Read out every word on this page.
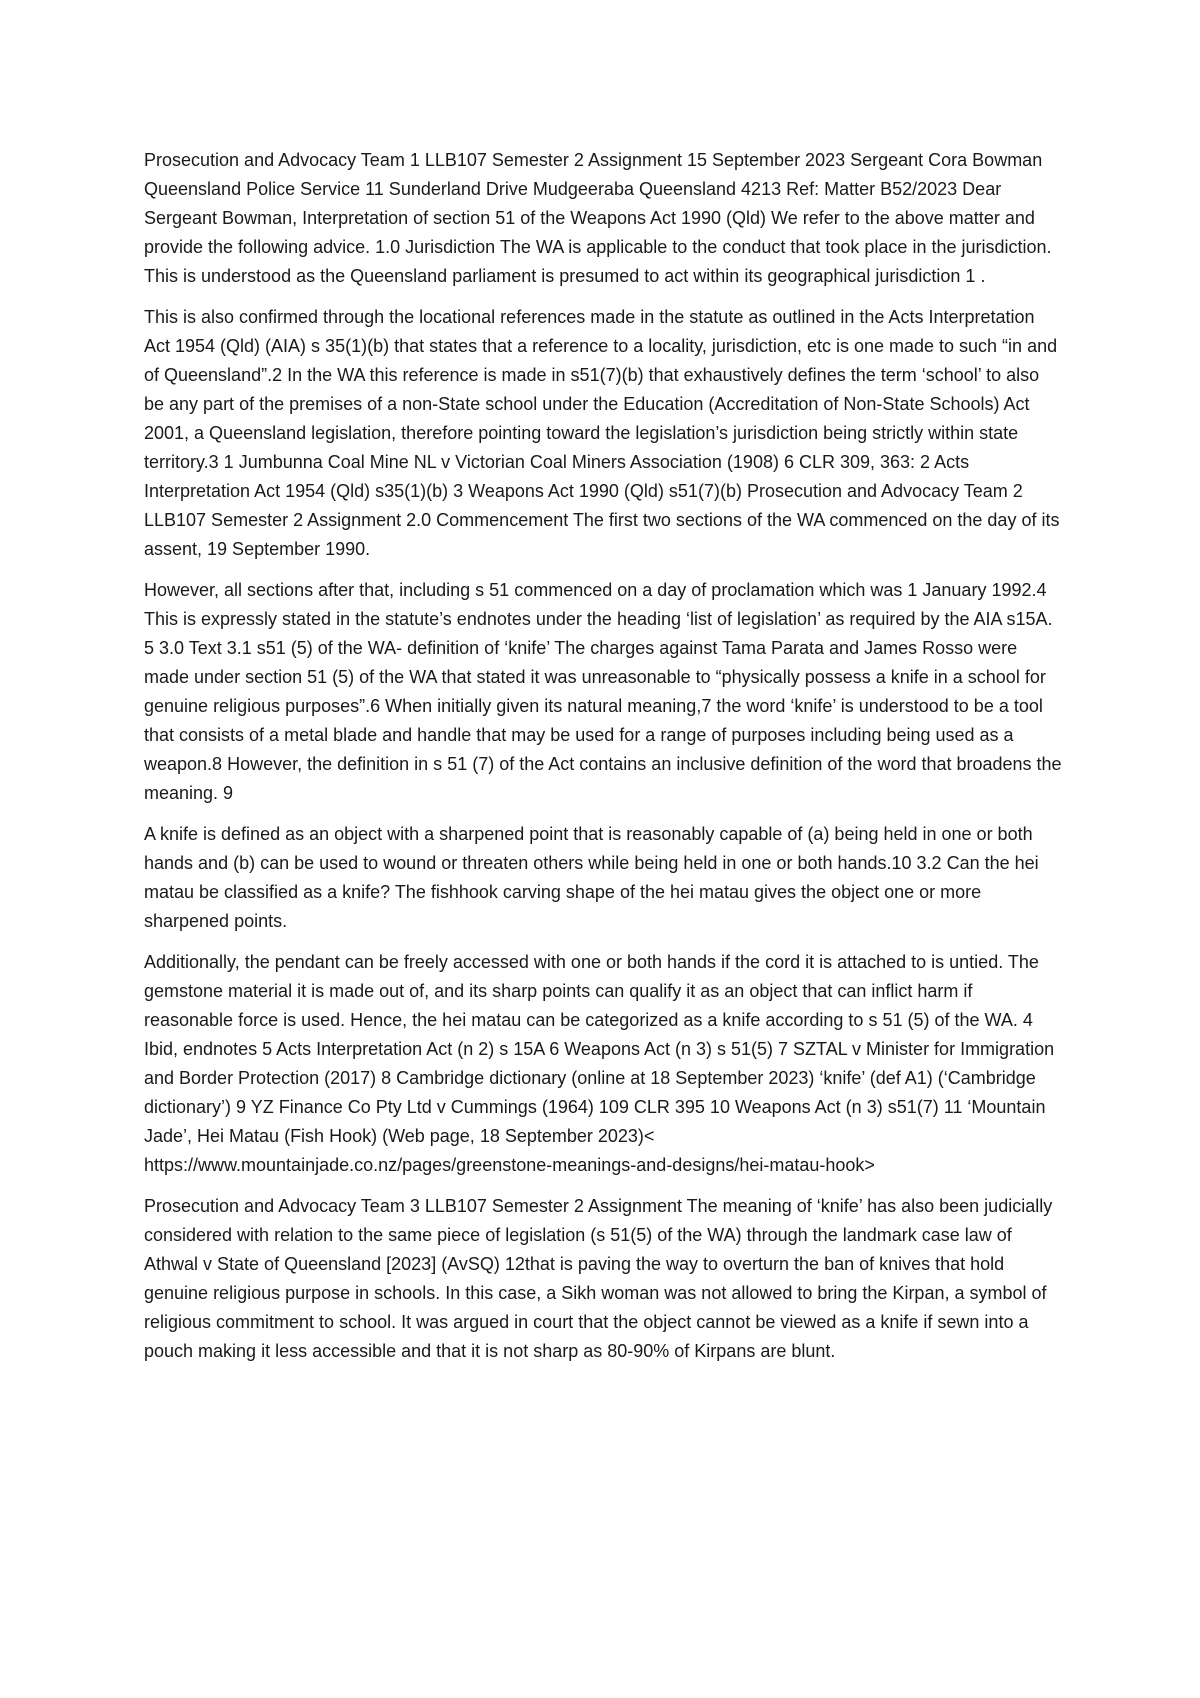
Prosecution and Advocacy Team 1 LLB107 Semester 2 Assignment 15 September 2023 Sergeant Cora Bowman Queensland Police Service 11 Sunderland Drive Mudgeeraba Queensland 4213 Ref: Matter B52/2023 Dear Sergeant Bowman, Interpretation of section 51 of the Weapons Act 1990 (Qld) We refer to the above matter and provide the following advice. 1.0 Jurisdiction The WA is applicable to the conduct that took place in the jurisdiction. This is understood as the Queensland parliament is presumed to act within its geographical jurisdiction 1 .

This is also confirmed through the locational references made in the statute as outlined in the Acts Interpretation Act 1954 (Qld) (AIA) s 35(1)(b) that states that a reference to a locality, jurisdiction, etc is one made to such “in and of Queensland”.2 In the WA this reference is made in s51(7)(b) that exhaustively defines the term ‘school’ to also be any part of the premises of a non-State school under the Education (Accreditation of Non-State Schools) Act 2001, a Queensland legislation, therefore pointing toward the legislation’s jurisdiction being strictly within state territory.3 1 Jumbunna Coal Mine NL v Victorian Coal Miners Association (1908) 6 CLR 309, 363: 2 Acts Interpretation Act 1954 (Qld) s35(1)(b) 3 Weapons Act 1990 (Qld) s51(7)(b) Prosecution and Advocacy Team 2 LLB107 Semester 2 Assignment 2.0 Commencement The first two sections of the WA commenced on the day of its assent, 19 September 1990.

However, all sections after that, including s 51 commenced on a day of proclamation which was 1 January 1992.4 This is expressly stated in the statute’s endnotes under the heading ‘list of legislation’ as required by the AIA s15A. 5 3.0 Text 3.1 s51 (5) of the WA- definition of ‘knife’ The charges against Tama Parata and James Rosso were made under section 51 (5) of the WA that stated it was unreasonable to “physically possess a knife in a school for genuine religious purposes”.6 When initially given its natural meaning,7 the word ‘knife’ is understood to be a tool that consists of a metal blade and handle that may be used for a range of purposes including being used as a weapon.8 However, the definition in s 51 (7) of the Act contains an inclusive definition of the word that broadens the meaning. 9

A knife is defined as an object with a sharpened point that is reasonably capable of (a) being held in one or both hands and (b) can be used to wound or threaten others while being held in one or both hands.10 3.2 Can the hei matau be classified as a knife? The fishhook carving shape of the hei matau gives the object one or more sharpened points.

Additionally, the pendant can be freely accessed with one or both hands if the cord it is attached to is untied. The gemstone material it is made out of, and its sharp points can qualify it as an object that can inflict harm if reasonable force is used. Hence, the hei matau can be categorized as a knife according to s 51 (5) of the WA. 4 Ibid, endnotes 5 Acts Interpretation Act (n 2) s 15A 6 Weapons Act (n 3) s 51(5) 7 SZTAL v Minister for Immigration and Border Protection (2017) 8 Cambridge dictionary (online at 18 September 2023) ‘knife’ (def A1) (‘Cambridge dictionary’) 9 YZ Finance Co Pty Ltd v Cummings (1964) 109 CLR 395 10 Weapons Act (n 3) s51(7) 11 ‘Mountain Jade’, Hei Matau (Fish Hook) (Web page, 18 September 2023)< https://www.mountainjade.co.nz/pages/greenstone-meanings-and-designs/hei-matau-hook>

Prosecution and Advocacy Team 3 LLB107 Semester 2 Assignment The meaning of ‘knife’ has also been judicially considered with relation to the same piece of legislation (s 51(5) of the WA) through the landmark case law of Athwal v State of Queensland [2023] (AvSQ) 12that is paving the way to overturn the ban of knives that hold genuine religious purpose in schools. In this case, a Sikh woman was not allowed to bring the Kirpan, a symbol of religious commitment to school. It was argued in court that the object cannot be viewed as a knife if sewn into a pouch making it less accessible and that it is not sharp as 80-90% of Kirpans are blunt.
